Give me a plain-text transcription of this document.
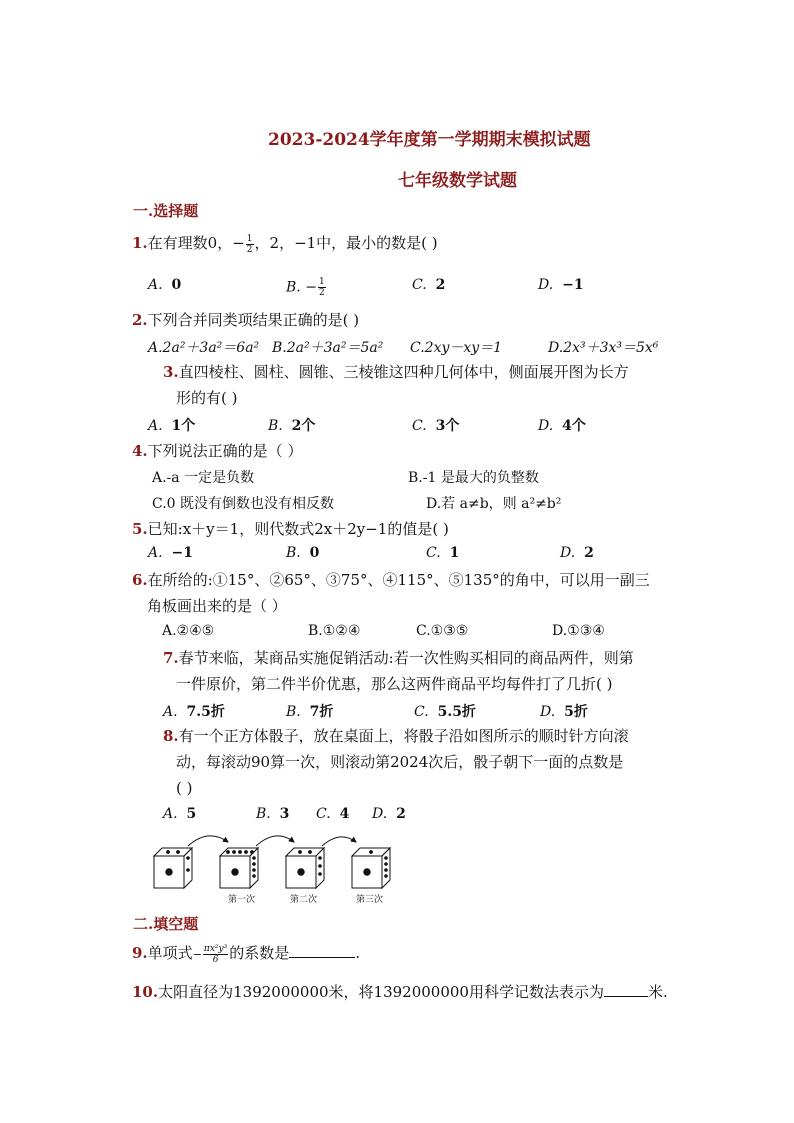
2023-2024学年度第一学期期末模拟试题
七年级数学试题
一.选择题
1.在有理数0，− $\frac{1}{2}$ ，2，−1中，最小的数是( )
A. 0	B. − $\frac{1}{2}$	C. 2	D. −1
2.下列合并同类项结果正确的是( )
A.2a²＋3a²＝6a² B.2a²＋3a²＝5a² C.2xy－xy＝1	D.2x³＋3x³＝5x⁶
3.直四棱柱、圆柱、圆锥、三棱锥这四种几何体中，侧面展开图为长方
形的有( )
A. 1个	B. 2个	C. 3个	D. 4个
4.下列说法正确的是（ ）
A.-a 一定是负数	B.-1 是最大的负整数
C.0 既没有倒数也没有相反数	D.若 a≠b，则 a²≠b²
5.已知:x＋y＝1，则代数式2x＋2y−1的值是( )
A. −1	B. 0	C. 1	D. 2
6.在所给的:①15°、②65°、③75°、④115°、⑤135°的角中，可以用一副三
角板画出来的是（ ）
A.②④⑤	B.①②④	C.①③⑤	D.①③④
7.春节来临，某商品实施促销活动:若一次性购买相同的商品两件，则第
一件原价，第二件半价优惠，那么这两件商品平均每件打了几折( )
A. 7.5折	B. 7折	C. 5.5折	D. 5折
8.有一个正方体骰子，放在桌面上，将骰子沿如图所示的顺时针方向滚
动，每滚动90算一次，则滚动第2024次后，骰子朝下一面的点数是
( )
A. 5	B. 3 C. 4 D. 2
第一次	第二次	第三次
二.填空题
9.单项式− $\frac{\text{πx²y³}}{6}$ 的系数是	.
10.太阳直径为1392000000米，将1392000000用科学记数法表示为	米.
